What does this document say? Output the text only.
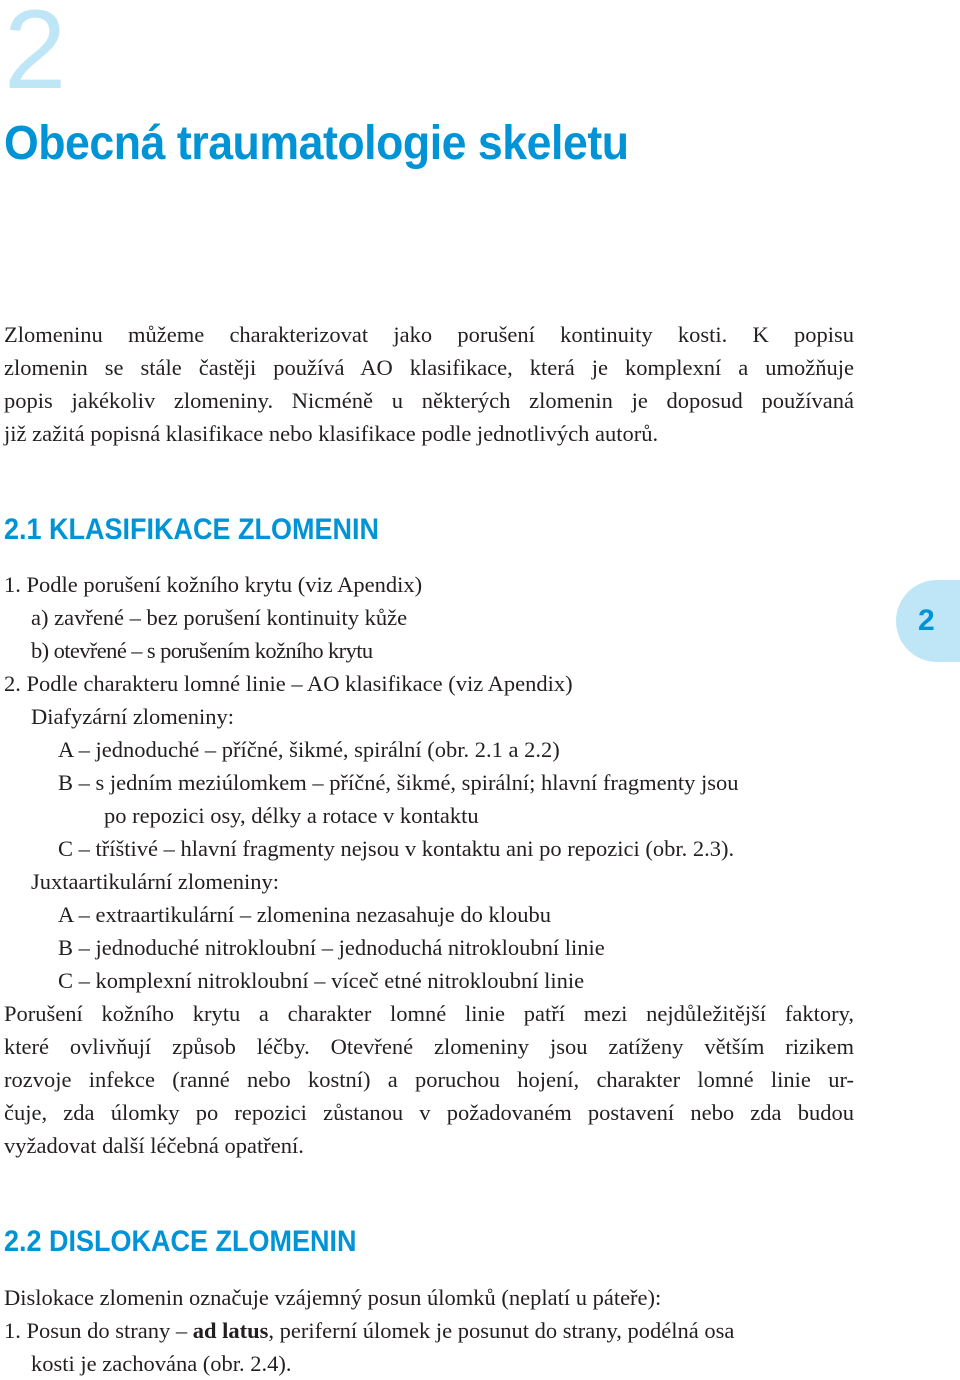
2
Obecná traumatologie skeletu
2
Zlomeninu můžeme charakterizovat jako porušení kontinuity kosti. K popisu
zlomenin se stále častěji používá AO klasifikace, která je komplexní a umožňuje
popis jakékoliv zlomeniny. Nicméně u některých zlomenin je doposud používaná
již zažitá popisná klasifikace nebo klasifikace podle jednotlivých autorů.
2.1 KLASIFIKACE ZLOMENIN
1. Podle porušení kožního krytu (viz Apendix)
a) zavřené – bez porušení kontinuity kůže
b) otevřené – s porušením kožního krytu
2. Podle charakteru lomné linie – AO klasifikace (viz Apendix)
Diafyzární zlomeniny:
A – jednoduché – příčné, šikmé, spirální (obr. 2.1 a 2.2)
B – s jedním meziúlomkem – příčné, šikmé, spirální; hlavní fragmenty jsou
po repozici osy, délky a rotace v kontaktu
C – tříštivé – hlavní fragmenty nejsou v kontaktu ani po repozici (obr. 2.3).
Juxtaartikulární zlomeniny:
A – extraartikulární – zlomenina nezasahuje do kloubu
B – jednoduché nitrokloubní – jednoduchá nitrokloubní linie
C – komplexní nitrokloubní – víceč etné nitrokloubní linie
Porušení kožního krytu a charakter lomné linie patří mezi nejdůležitější faktory,
které ovlivňují způsob léčby. Otevřené zlomeniny jsou zatíženy větším rizikem
rozvoje infekce (ranné nebo kostní) a poruchou hojení, charakter lomné linie ur-
čuje, zda úlomky po repozici zůstanou v požadovaném postavení nebo zda budou
vyžadovat další léčebná opatření.
2.2 DISLOKACE ZLOMENIN
Dislokace zlomenin označuje vzájemný posun úlomků (neplatí u páteře):
1. Posun do strany – ad latus, periferní úlomek je posunut do strany, podélná osa
kosti je zachována (obr. 2.4).
